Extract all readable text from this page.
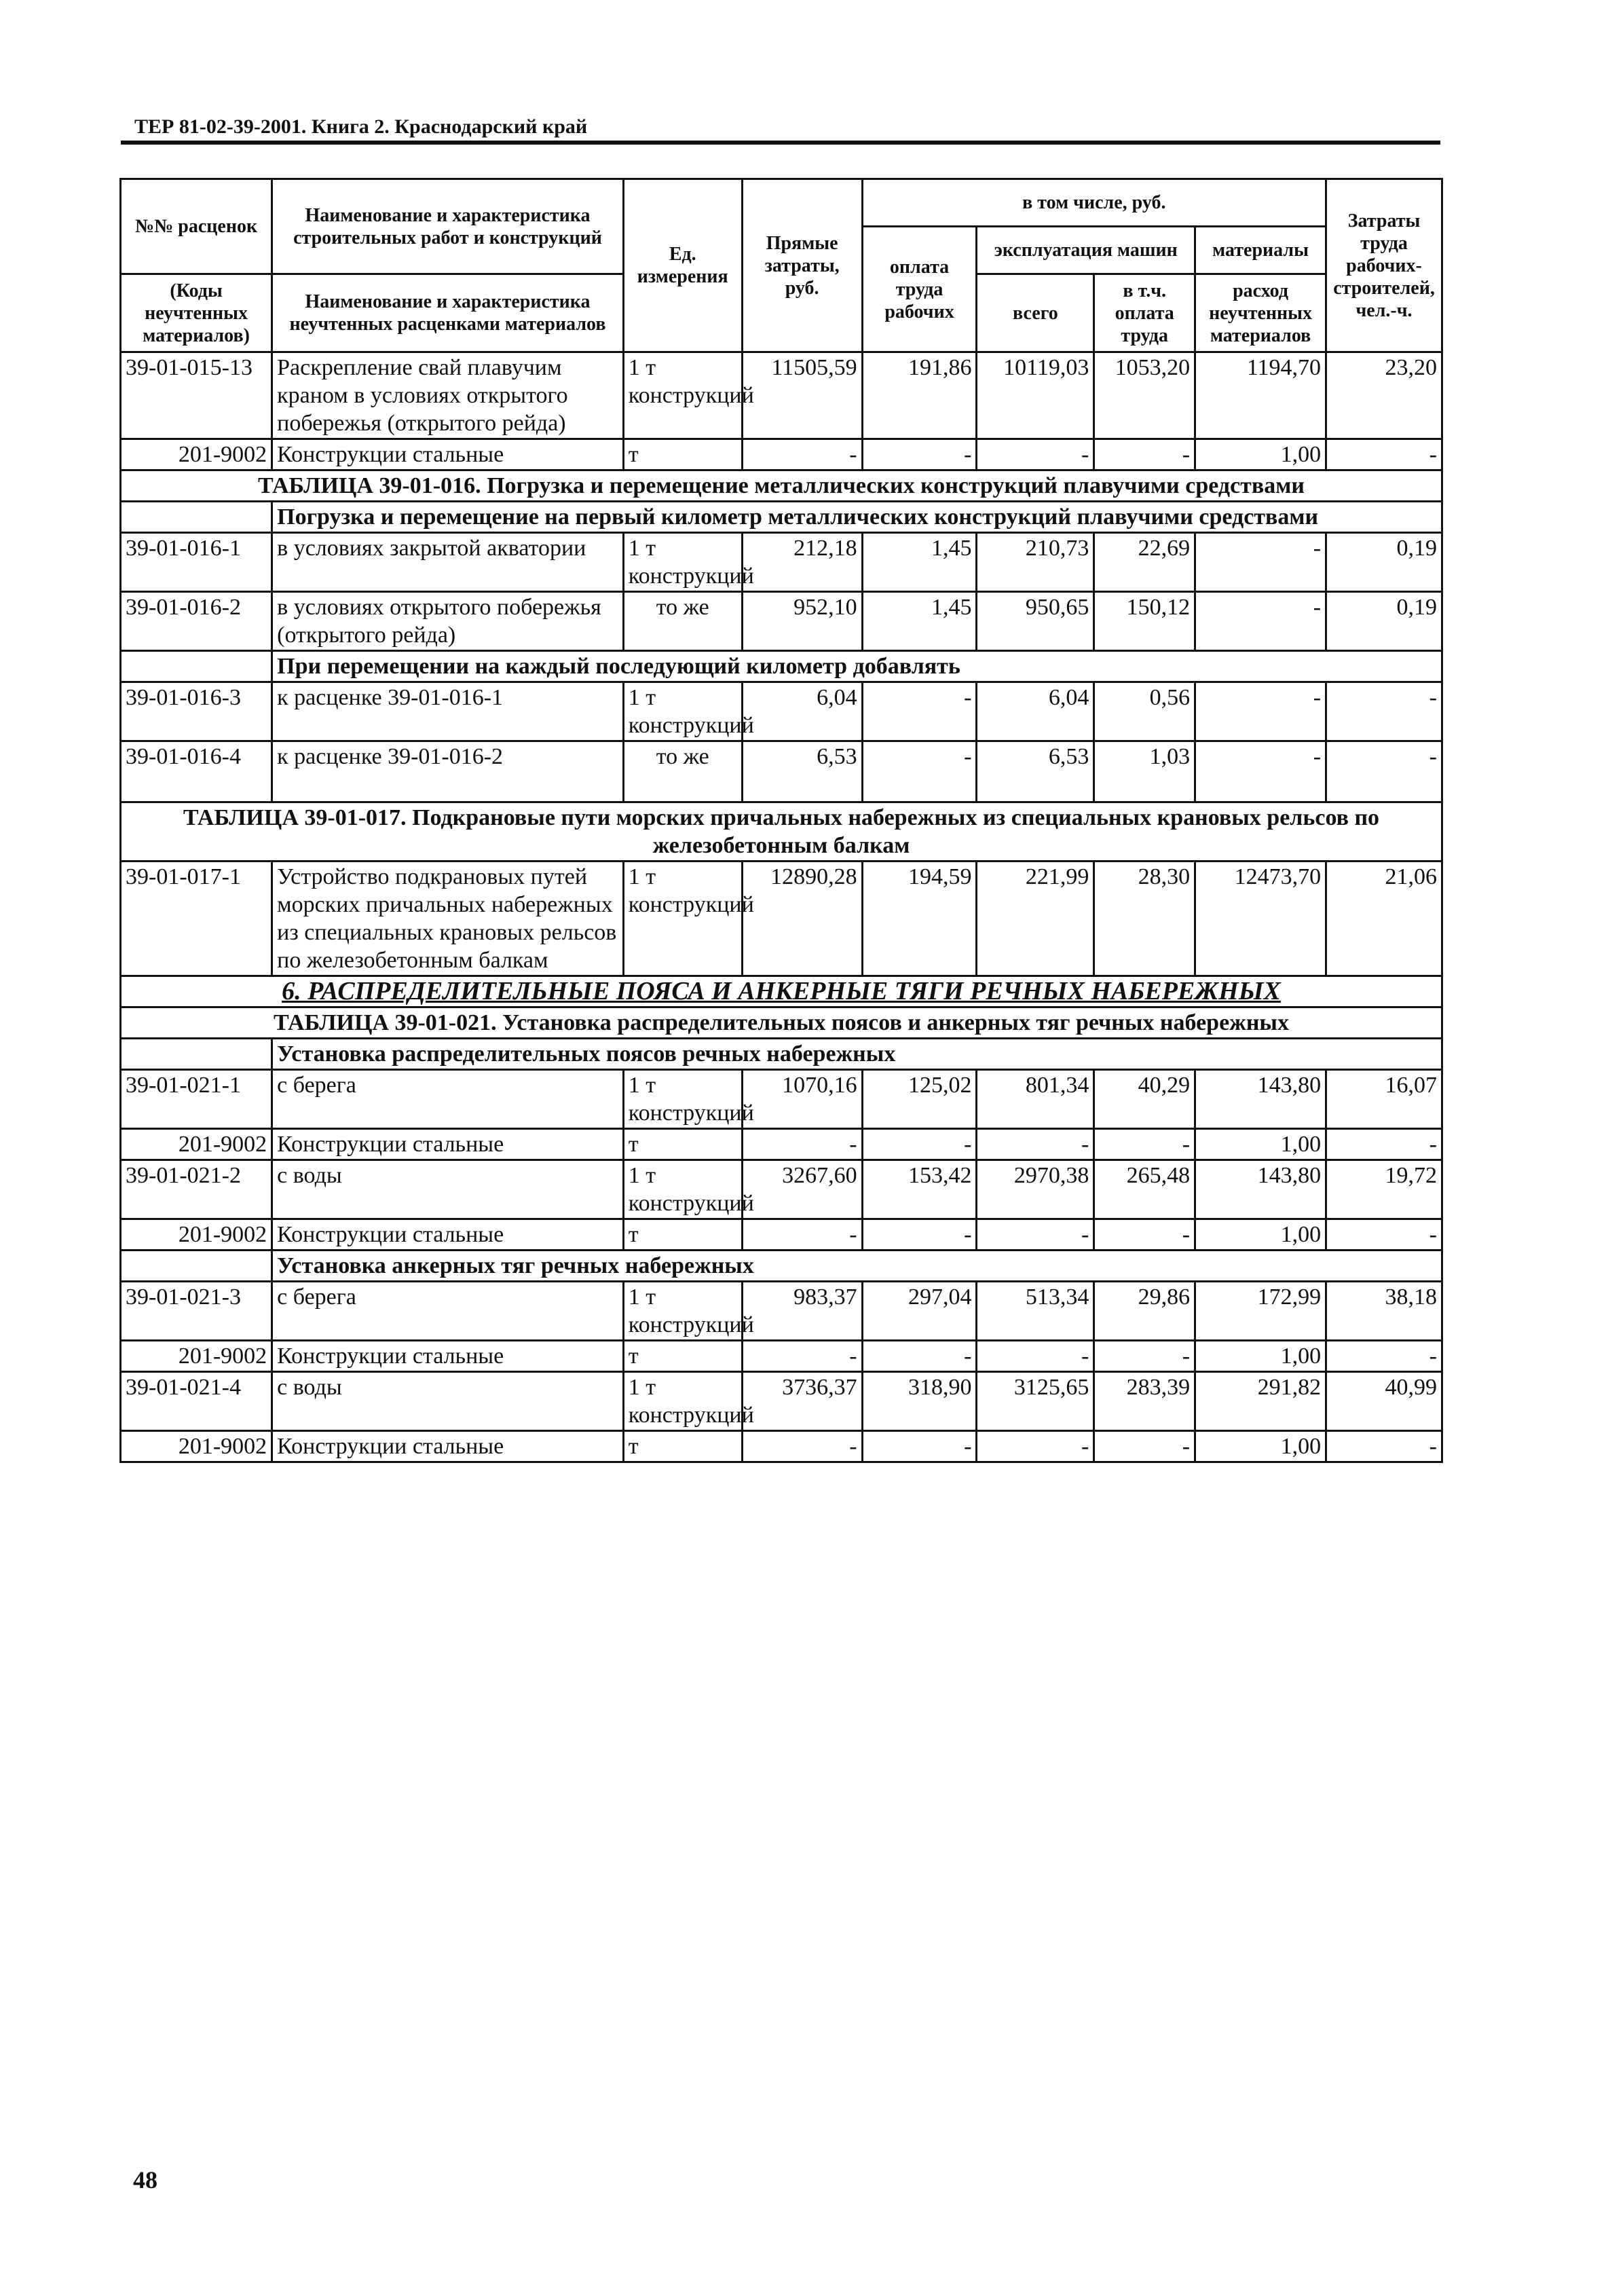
ТЕР 81-02-39-2001. Книга 2. Краснодарский край
№№ расценок	Наименование и характеристика строительных работ и конструкций	Ед. измерения	Прямые затраты, руб.	в том числе, руб.				Затраты труда рабочих-строителей, чел.-ч.
				оплата труда рабочих	эксплуатация машин		материалы	
(Коды неучтенных материалов)	Наименование и характеристика неучтенных расценками материалов				всего	в т.ч. оплата труда	расход неучтенных материалов	
39-01-015-13	Раскрепление свай плавучим краном в условиях открытого побережья (открытого рейда)	1 т конструкций	11505,59	191,86	10119,03	1053,20	1194,70	23,20
201-9002	Конструкции стальные	т	-	-	-	-	1,00	-
ТАБЛИЦА 39-01-016. Погрузка и перемещение металлических конструкций плавучими средствами								
	Погрузка и перемещение на первый километр металлических конструкций плавучими средствами							
39-01-016-1	в условиях закрытой акватории	1 т конструкций	212,18	1,45	210,73	22,69	-	0,19
39-01-016-2	в условиях открытого побережья (открытого рейда)	то же	952,10	1,45	950,65	150,12	-	0,19
	При перемещении на каждый последующий километр добавлять							
39-01-016-3	к расценке 39-01-016-1	1 т конструкций	6,04	-	6,04	0,56	-	-
39-01-016-4	к расценке 39-01-016-2	то же	6,53	-	6,53	1,03	-	-
ТАБЛИЦА 39-01-017. Подкрановые пути морских причальных набережных из специальных крановых рельсов по железобетонным балкам								
39-01-017-1	Устройство подкрановых путей морских причальных набережных из специальных крановых рельсов по железобетонным балкам	1 т конструкций	12890,28	194,59	221,99	28,30	12473,70	21,06
6. РАСПРЕДЕЛИТЕЛЬНЫЕ ПОЯСА И АНКЕРНЫЕ ТЯГИ РЕЧНЫХ НАБЕРЕЖНЫХ								
ТАБЛИЦА 39-01-021. Установка распределительных поясов и анкерных тяг речных набережных								
	Установка распределительных поясов речных набережных							
39-01-021-1	с берега	1 т конструкций	1070,16	125,02	801,34	40,29	143,80	16,07
201-9002	Конструкции стальные	т	-	-	-	-	1,00	-
39-01-021-2	с воды	1 т конструкций	3267,60	153,42	2970,38	265,48	143,80	19,72
201-9002	Конструкции стальные	т	-	-	-	-	1,00	-
	Установка анкерных тяг речных набережных							
39-01-021-3	с берега	1 т конструкций	983,37	297,04	513,34	29,86	172,99	38,18
201-9002	Конструкции стальные	т	-	-	-	-	1,00	-
39-01-021-4	с воды	1 т конструкций	3736,37	318,90	3125,65	283,39	291,82	40,99
201-9002	Конструкции стальные	т	-	-	-	-	1,00	-
48
